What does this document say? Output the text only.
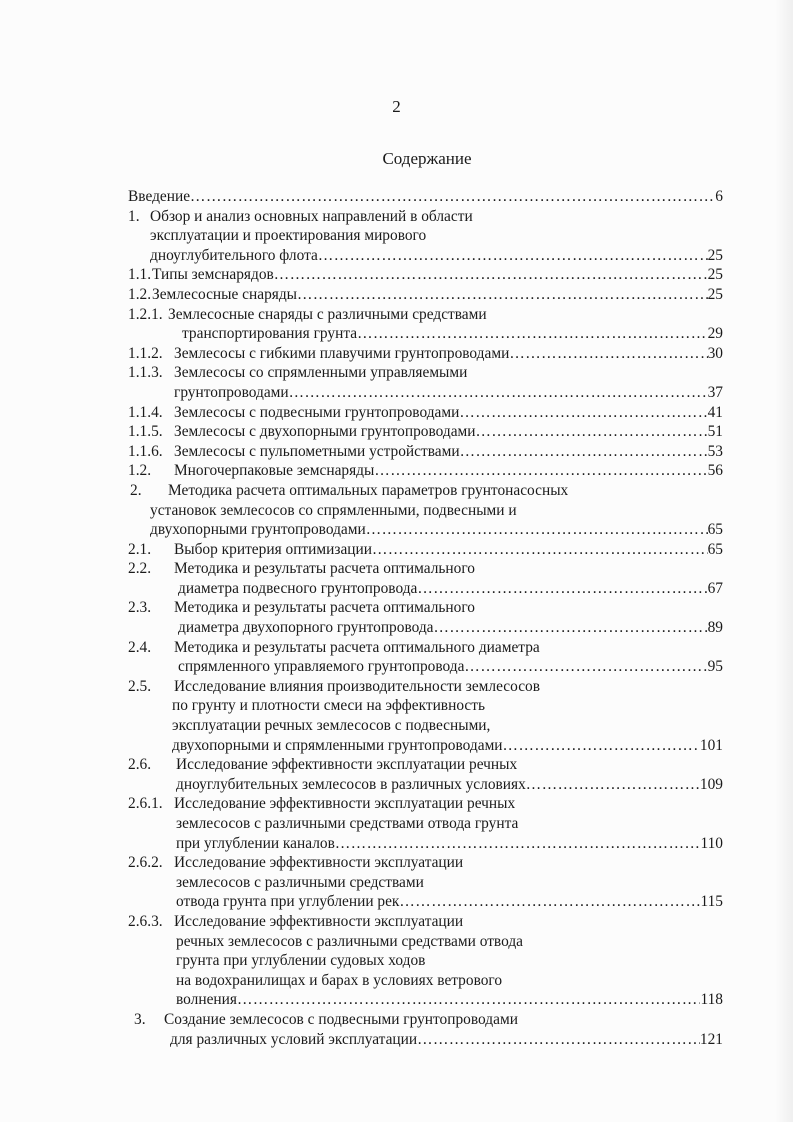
2
Содержание
Введение …………………………………………………………………………………………………………………………………………………………………………	6
1. Обзор и анализ основных направлений в области
эксплуатации и проектирования мирового
дноуглубительного флота …………………………………………………………………………………………………………………………………………………………………………	25
1.1. Типы земснарядов …………………………………………………………………………………………………………………………………………………………………………	25
1.2. Землесосные снаряды …………………………………………………………………………………………………………………………………………………………………………	25
1.2.1. Землесосные снаряды с различными средствами
транспортирования грунта …………………………………………………………………………………………………………………………………………………………………………	29
1.1.2. Землесосы с гибкими плавучими грунтопроводами …………………………………………………………………………………………………………………………………………………………………………	30
1.1.3. Землесосы со спрямленными управляемыми
грунтопроводами …………………………………………………………………………………………………………………………………………………………………………	37
1.1.4. Землесосы с подвесными грунтопроводами …………………………………………………………………………………………………………………………………………………………………………	41
1.1.5. Землесосы с двухопорными грунтопроводами …………………………………………………………………………………………………………………………………………………………………………	51
1.1.6. Землесосы с пульпометными устройствами …………………………………………………………………………………………………………………………………………………………………………	53
1.2. Многочерпаковые земснаряды …………………………………………………………………………………………………………………………………………………………………………	56
2. Методика расчета оптимальных параметров грунтонасосных
установок землесосов со спрямленными, подвесными и
двухопорными грунтопроводами …………………………………………………………………………………………………………………………………………………………………………	65
2.1. Выбор критерия оптимизации …………………………………………………………………………………………………………………………………………………………………………	65
2.2. Методика и результаты расчета оптимального
диаметра подвесного грунтопровода …………………………………………………………………………………………………………………………………………………………………………	67
2.3. Методика и результаты расчета оптимального
диаметра двухопорного грунтопровода …………………………………………………………………………………………………………………………………………………………………………	89
2.4. Методика и результаты расчета оптимального диаметра
спрямленного управляемого грунтопровода …………………………………………………………………………………………………………………………………………………………………………	95
2.5. Исследование влияния производительности землесосов
по грунту и плотности смеси на эффективность
эксплуатации речных землесосов с подвесными,
двухопорными и спрямленными грунтопроводами …………………………………………………………………………………………………………………………………………………………………………	101
2.6. Исследование эффективности эксплуатации речных
дноуглубительных землесосов в различных условиях …………………………………………………………………………………………………………………………………………………………………………	109
2.6.1. Исследование эффективности эксплуатации речных
землесосов с различными средствами отвода грунта
при углублении каналов …………………………………………………………………………………………………………………………………………………………………………	110
2.6.2. Исследование эффективности эксплуатации
землесосов с различными средствами
отвода грунта при углублении рек …………………………………………………………………………………………………………………………………………………………………………	115
2.6.3. Исследование эффективности эксплуатации
речных землесосов с различными средствами отвода
грунта при углублении судовых ходов
на водохранилищах и барах в условиях ветрового
волнения …………………………………………………………………………………………………………………………………………………………………………	118
3. Создание землесосов с подвесными грунтопроводами
для различных условий эксплуатации …………………………………………………………………………………………………………………………………………………………………………	121
